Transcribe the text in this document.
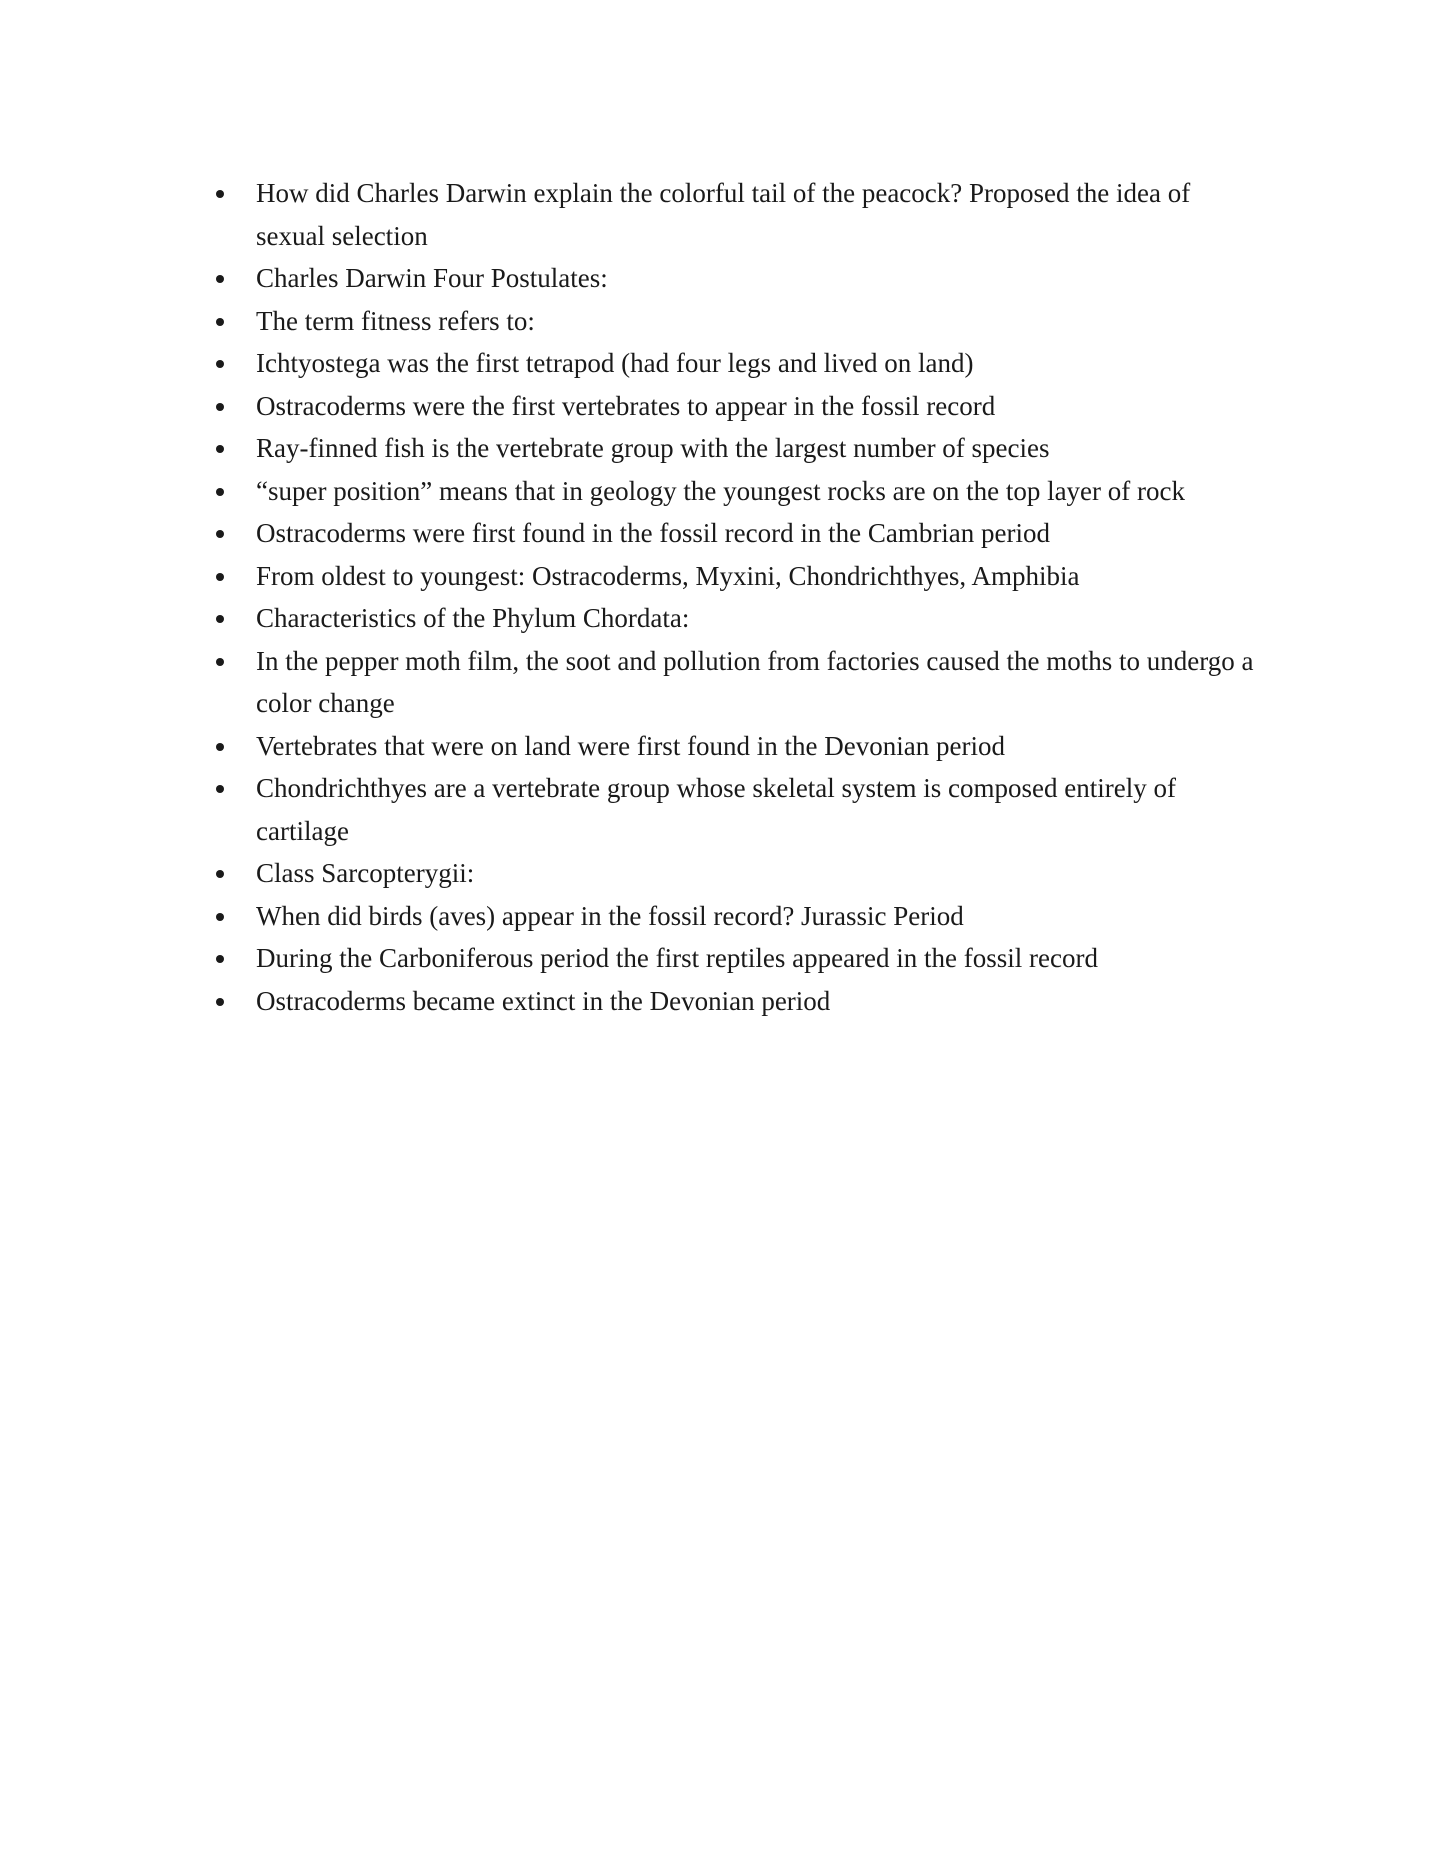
How did Charles Darwin explain the colorful tail of the peacock? Proposed the idea of sexual selection
Charles Darwin Four Postulates:
The term fitness refers to:
Ichtyostega was the first tetrapod (had four legs and lived on land)
Ostracoderms were the first vertebrates to appear in the fossil record
Ray-finned fish is the vertebrate group with the largest number of species
“super position” means that in geology the youngest rocks are on the top layer of rock
Ostracoderms were first found in the fossil record in the Cambrian period
From oldest to youngest: Ostracoderms, Myxini, Chondrichthyes, Amphibia
Characteristics of the Phylum Chordata:
In the pepper moth film, the soot and pollution from factories caused the moths to undergo a color change
Vertebrates that were on land were first found in the Devonian period
Chondrichthyes are a vertebrate group whose skeletal system is composed entirely of cartilage
Class Sarcopterygii:
When did birds (aves) appear in the fossil record? Jurassic Period
During the Carboniferous period the first reptiles appeared in the fossil record
Ostracoderms became extinct in the Devonian period
